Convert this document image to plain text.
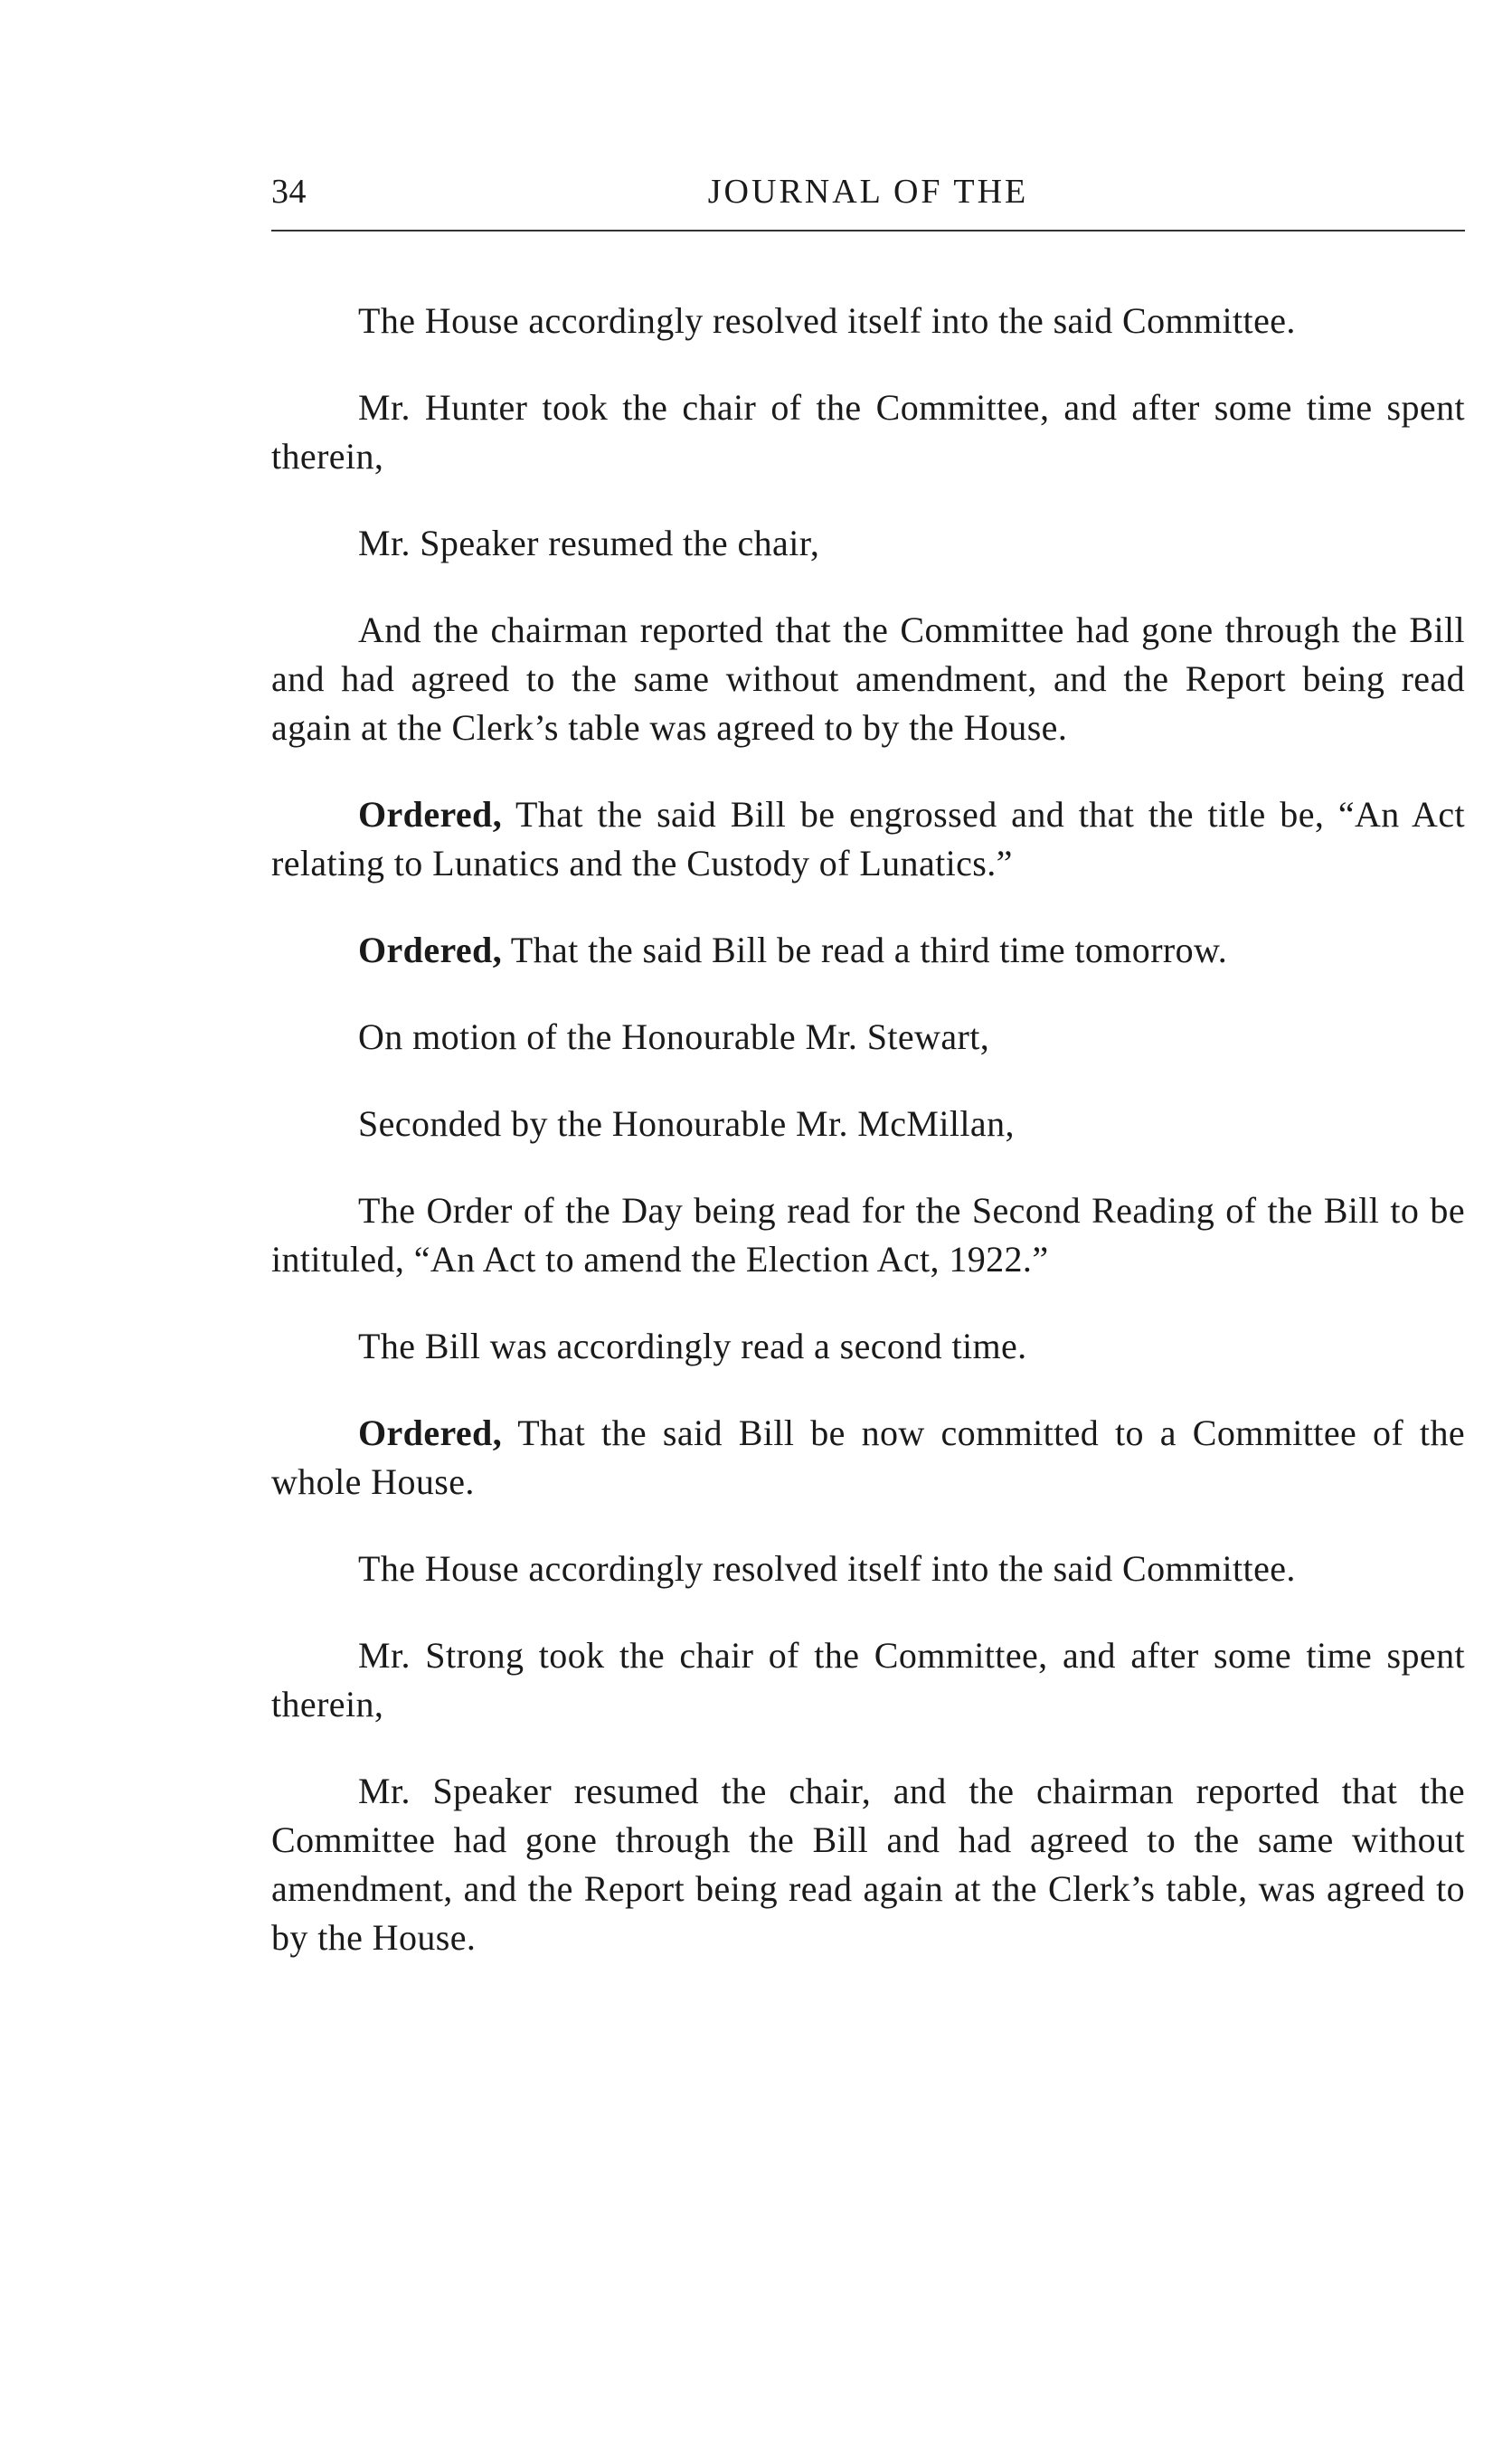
34	JOURNAL OF THE

The House accordingly resolved itself into the said Committee.

Mr. Hunter took the chair of the Committee, and after some time spent therein,

Mr. Speaker resumed the chair,

And the chairman reported that the Committee had gone through the Bill and had agreed to the same without amendment, and the Report being read again at the Clerk’s table was agreed to by the House.

Ordered, That the said Bill be engrossed and that the title be, “An Act relating to Lunatics and the Custody of Lunatics.”

Ordered, That the said Bill be read a third time tomorrow.

On motion of the Honourable Mr. Stewart,

Seconded by the Honourable Mr. McMillan,

The Order of the Day being read for the Second Reading of the Bill to be intituled, “An Act to amend the Election Act, 1922.”

The Bill was accordingly read a second time.

Ordered, That the said Bill be now committed to a Committee of the whole House.

The House accordingly resolved itself into the said Committee.

Mr. Strong took the chair of the Committee, and after some time spent therein,

Mr. Speaker resumed the chair, and the chairman reported that the Committee had gone through the Bill and had agreed to the same without amendment, and the Report being read again at the Clerk’s table, was agreed to by the House.
